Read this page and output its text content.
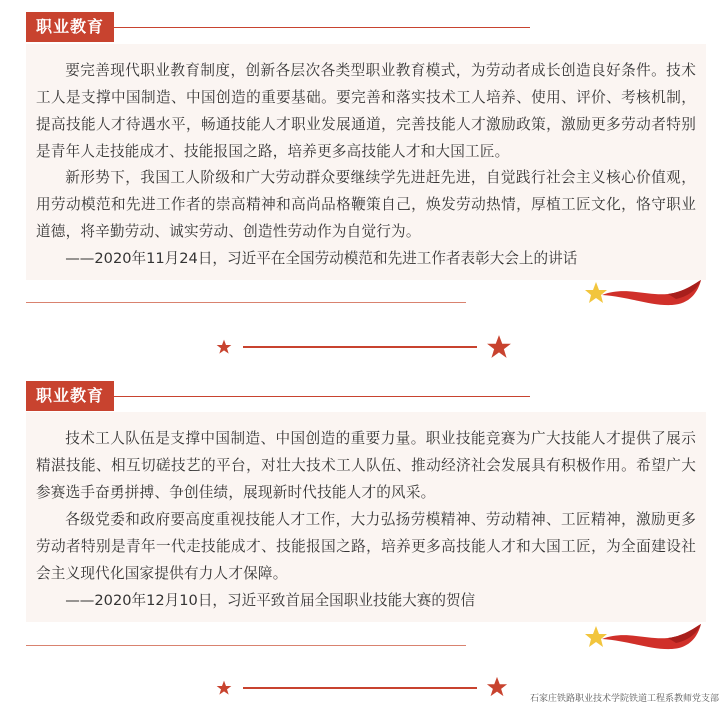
职业教育

要完善现代职业教育制度，创新各层次各类型职业教育模式，为劳动者成长创造良好条件。技术工人是支撑中国制造、中国创造的重要基础。要完善和落实技术工人培养、使用、评价、考核机制，提高技能人才待遇水平，畅通技能人才职业发展通道，完善技能人才激励政策，激励更多劳动者特别是青年人走技能成才、技能报国之路，培养更多高技能人才和大国工匠。

新形势下，我国工人阶级和广大劳动群众要继续学先进赶先进，自觉践行社会主义核心价值观，用劳动模范和先进工作者的崇高精神和高尚品格鞭策自己，焕发劳动热情，厚植工匠文化，恪守职业道德，将辛勤劳动、诚实劳动、创造性劳动作为自觉行为。

——2020年11月24日，习近平在全国劳动模范和先进工作者表彰大会上的讲话

职业教育

技术工人队伍是支撑中国制造、中国创造的重要力量。职业技能竞赛为广大技能人才提供了展示精湛技能、相互切磋技艺的平台，对壮大技术工人队伍、推动经济社会发展具有积极作用。希望广大参赛选手奋勇拼搏、争创佳绩，展现新时代技能人才的风采。

各级党委和政府要高度重视技能人才工作，大力弘扬劳模精神、劳动精神、工匠精神，激励更多劳动者特别是青年一代走技能成才、技能报国之路，培养更多高技能人才和大国工匠，为全面建设社会主义现代化国家提供有力人才保障。

——2020年12月10日，习近平致首届全国职业技能大赛的贺信

石家庄铁路职业技术学院铁道工程系教师党支部
